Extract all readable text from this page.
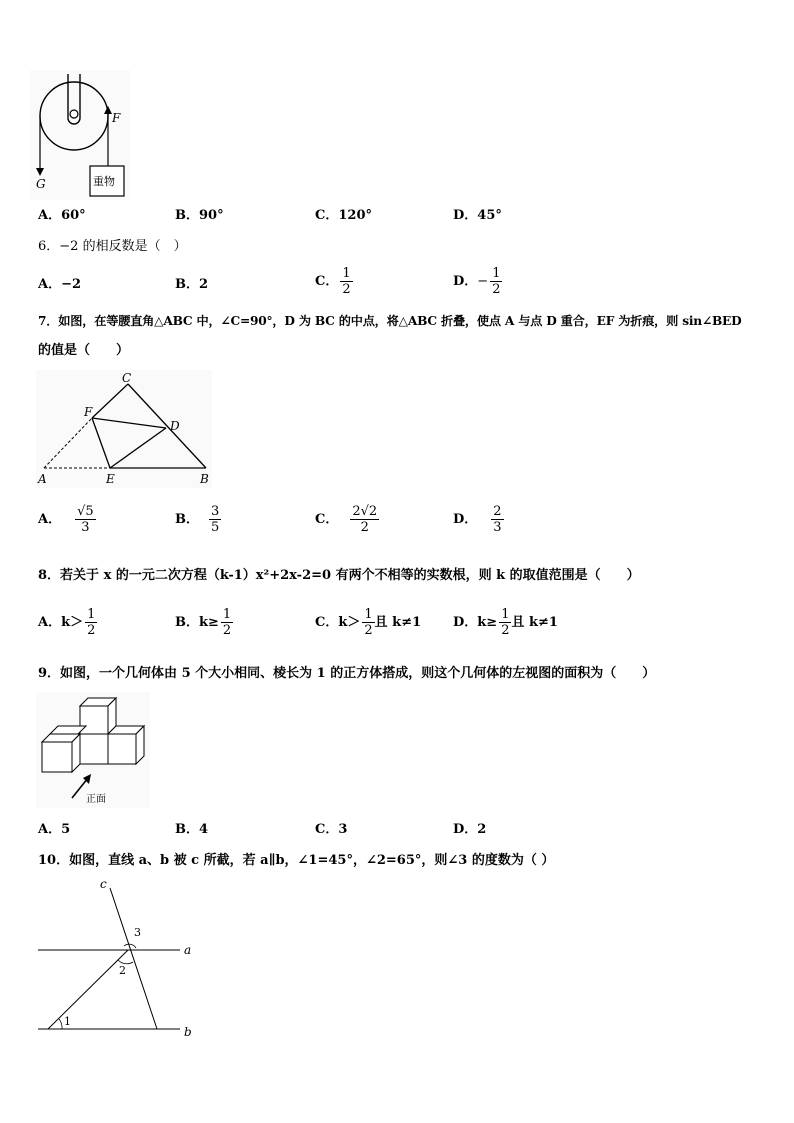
F
G	重物
A．60°	B．90°	C．120°	D．45°
6．−2 的相反数是（　）
A．−2	B．2	C． $\frac{1}{2}$	D．− $\frac{1}{2}$
7．如图，在等腰直角△ABC 中，∠C=90°，D 为 BC 的中点，将△ABC 折叠，使点 A 与点 D 重合，EF 为折痕，则 sin∠BED
的值是（　　）
A	E	B
C
F
D
A． $\frac{√5}{3}$	B． $\frac{3}{5}$	C． $\frac{2√2}{2}$	D． $\frac{2}{3}$
8．若关于 x 的一元二次方程（k-1）x²+2x-2=0 有两个不相等的实数根，则 k 的取值范围是（　　）
A．$k> \frac{1}{2}$	B．$k\ge \frac{1}{2}$	C．$k> \frac{1}{2}$ 且 k≠1 D．$k\ge \frac{1}{2}$ 且 k≠1
9．如图，一个几何体由 5 个大小相同、棱长为 1 的正方体搭成，则这个几何体的左视图的面积为（　　）
正面
A．5	B．4	C．3	D．2
10．如图，直线 a、b 被 c 所截，若 a∥b，∠1=45°，∠2=65°，则∠3 的度数为（ ）
c
a
b
3
2
1
